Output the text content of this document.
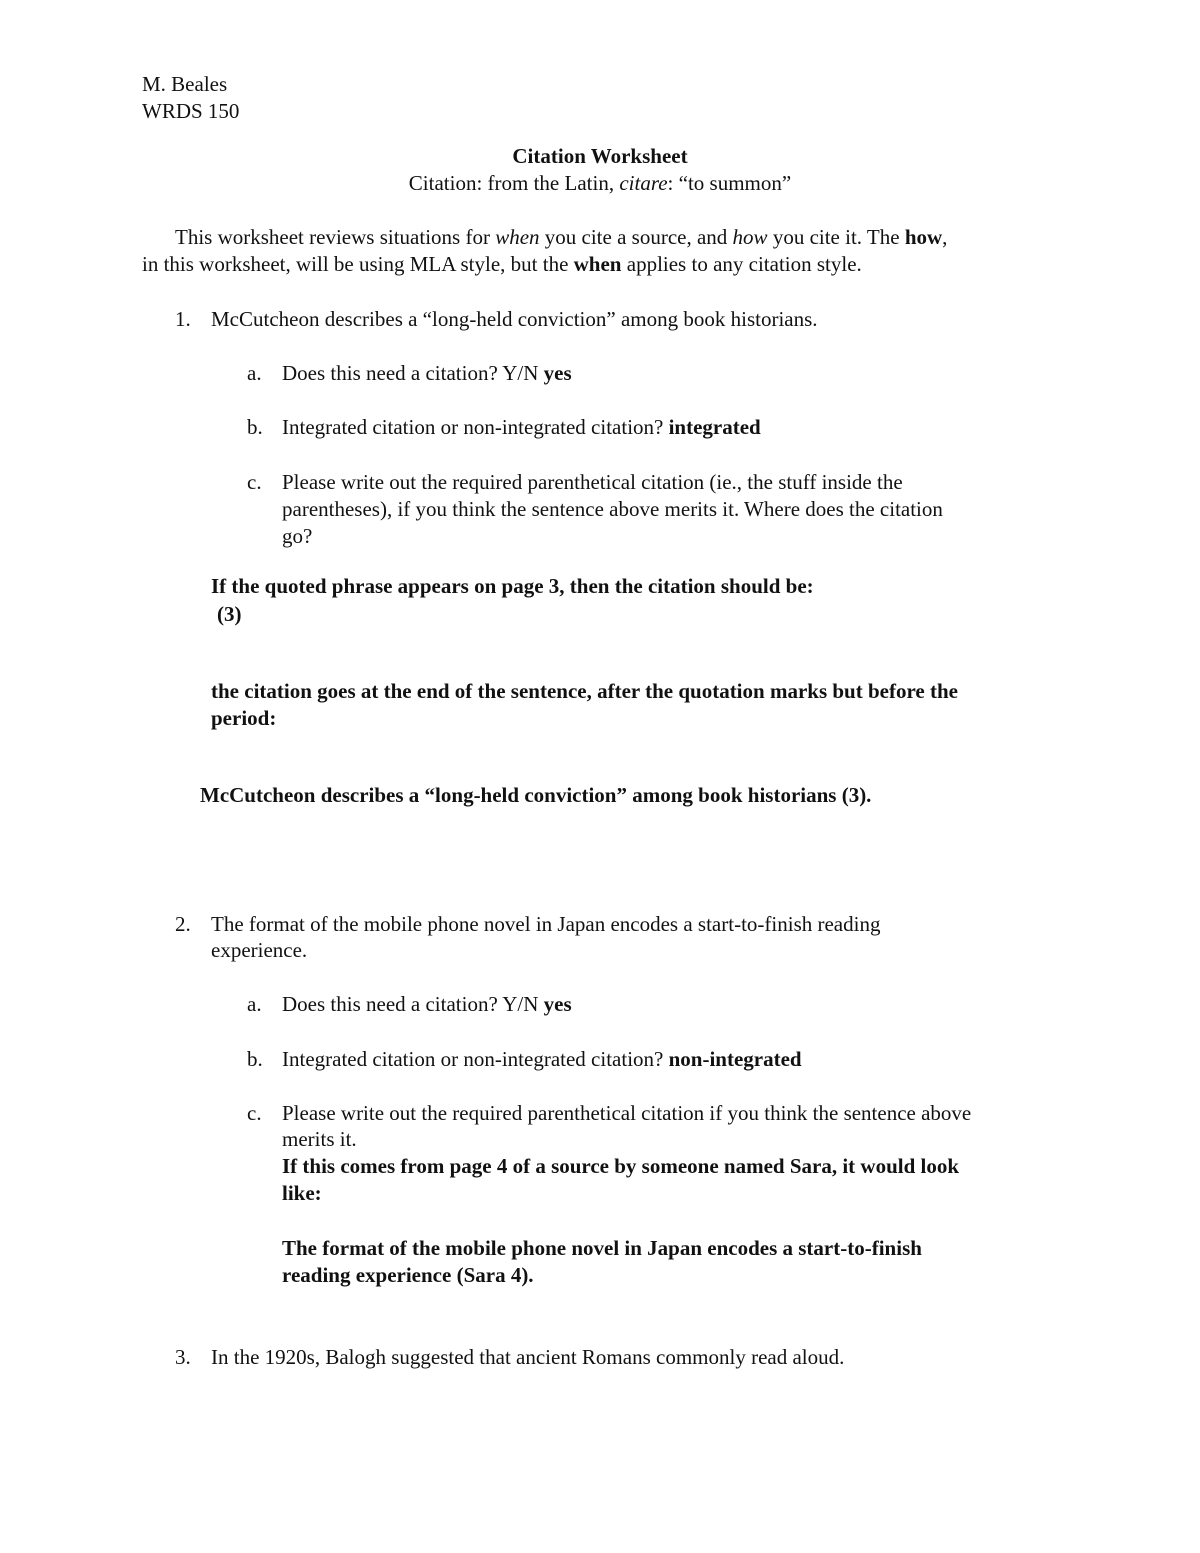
M. Beales
WRDS 150
Citation Worksheet
Citation: from the Latin, citare: “to summon”
This worksheet reviews situations for when you cite a source, and how you cite it. The how,
in this worksheet, will be using MLA style, but the when applies to any citation style.
1. McCutcheon describes a “long-held conviction” among book historians.
a. Does this need a citation? Y/N yes
b. Integrated citation or non-integrated citation? integrated
c. Please write out the required parenthetical citation (ie., the stuff inside the
parentheses), if you think the sentence above merits it. Where does the citation
go?
If the quoted phrase appears on page 3, then the citation should be:
(3)
the citation goes at the end of the sentence, after the quotation marks but before the
period:
McCutcheon describes a “long-held conviction” among book historians (3).
2. The format of the mobile phone novel in Japan encodes a start-to-finish reading
experience.
a. Does this need a citation? Y/N yes
b. Integrated citation or non-integrated citation? non-integrated
c. Please write out the required parenthetical citation if you think the sentence above
merits it.
If this comes from page 4 of a source by someone named Sara, it would look
like:
The format of the mobile phone novel in Japan encodes a start-to-finish
reading experience (Sara 4).
3. In the 1920s, Balogh suggested that ancient Romans commonly read aloud.
